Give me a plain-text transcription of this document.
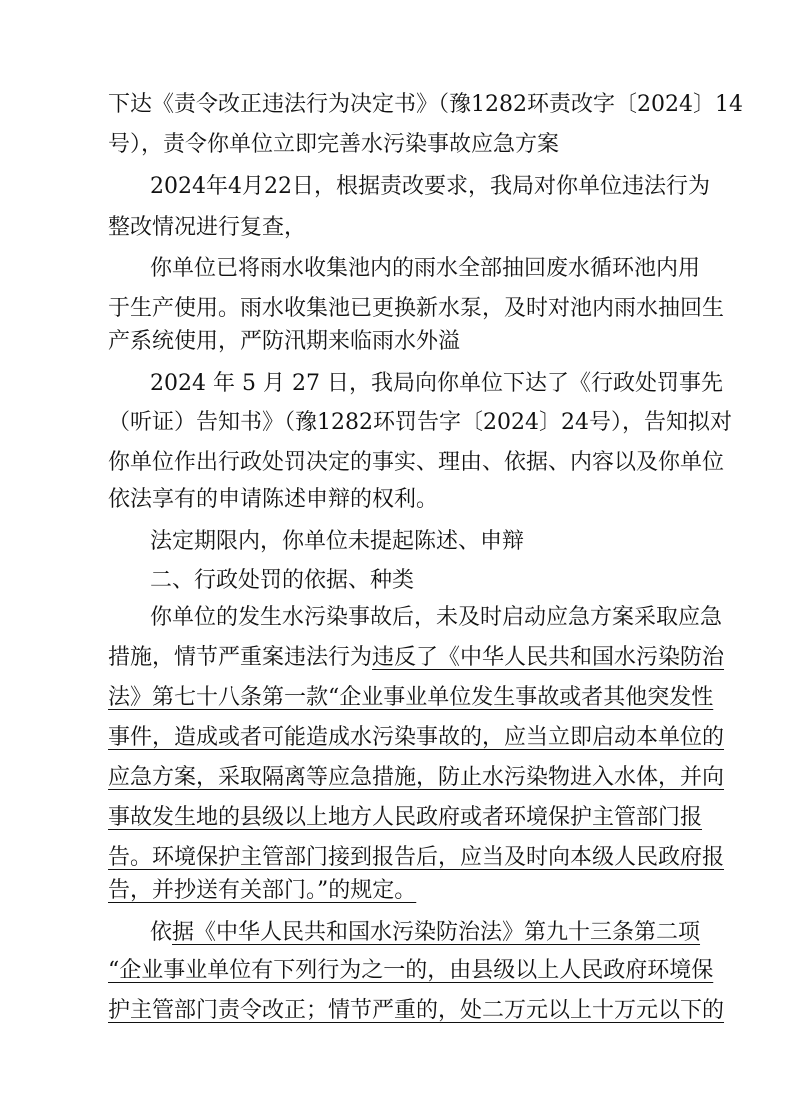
下达《责令改正违法行为决定书》（豫1282环责改字〔2024〕14
号），责令你单位立即完善水污染事故应急方案
2024年4月22日，根据责改要求，我局对你单位违法行为
整改情况进行复查，
你单位已将雨水收集池内的雨水全部抽回废水循环池内用
于生产使用。雨水收集池已更换新水泵，及时对池内雨水抽回生
产系统使用，严防汛期来临雨水外溢
2024 年 5 月 27 日，我局向你单位下达了《行政处罚事先
（听证）告知书》（豫1282环罚告字〔2024〕24号），告知拟对
你单位作出行政处罚决定的事实、理由、依据、内容以及你单位
依法享有的申请陈述申辩的权利。
法定期限内，你单位未提起陈述、申辩
二、行政处罚的依据、种类
你单位的发生水污染事故后，未及时启动应急方案采取应急
措施，情节严重案违法行为违反了《中华人民共和国水污染防治
法》第七十八条第一款“企业事业单位发生事故或者其他突发性
事件，造成或者可能造成水污染事故的，应当立即启动本单位的
应急方案，采取隔离等应急措施，防止水污染物进入水体，并向
事故发生地的县级以上地方人民政府或者环境保护主管部门报
告。环境保护主管部门接到报告后，应当及时向本级人民政府报
告，并抄送有关部门。”的规定。
依据《中华人民共和国水污染防治法》第九十三条第二项
“企业事业单位有下列行为之一的，由县级以上人民政府环境保
护主管部门责令改正；情节严重的，处二万元以上十万元以下的
